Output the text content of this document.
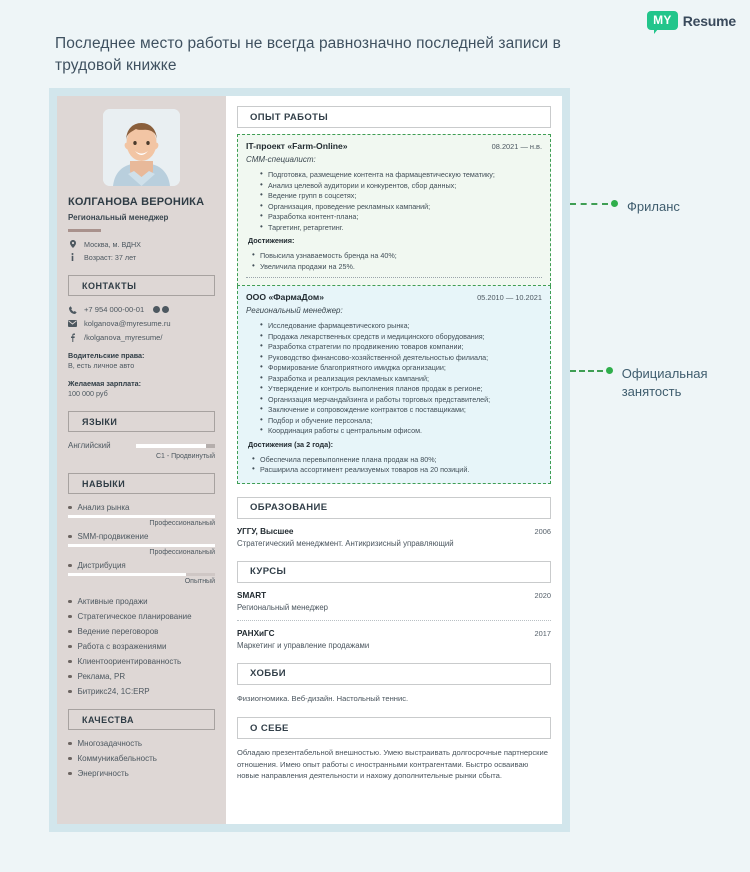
MY Resume
Последнее место работы не всегда равнозначно последней записи в трудовой книжке
КОЛГАНОВА ВЕРОНИКА
Региональный менеджер
Москва, м. ВДНХ
Возраст: 37 лет
КОНТАКТЫ
+7 954 000-00-01
kolganova@myresume.ru
/kolganova_myresume/
Водительские права:
B, есть личное авто
Желаемая зарплата:
100 000 руб
ЯЗЫКИ
Английский
C1 - Продвинутый
НАВЫКИ
Анализ рынка
Профессиональный
SMM-продвижение
Профессиональный
Дистрибуция
Опытный
Активные продажи
Стратегическое планирование
Ведение переговоров
Работа с возражениями
Клиентоориентированность
Реклама, PR
Битрикс24, 1C:ERP
КАЧЕСТВА
Многозадачность
Коммуникабельность
Энергичность
ОПЫТ РАБОТЫ
IT-проект «Farm-Online»	08.2021 — н.в.
СММ-специалист:
• Подготовка, размещение контента на фармацевтическую тематику;
• Анализ целевой аудитории и конкурентов, сбор данных;
• Ведение групп в соцсетях;
• Организация, проведение рекламных кампаний;
• Разработка контент-плана;
• Таргетинг, ретаргетинг.
Достижения:
• Повысила узнаваемость бренда на 40%;
• Увеличила продажи на 25%.
ООО «ФармаДом»	05.2010 — 10.2021
Региональный менеджер:
• Исследование фармацевтического рынка;
• Продажа лекарственных средств и медицинского оборудования;
• Разработка стратегии по продвижению товаров компании;
• Руководство финансово-хозяйственной деятельностью филиала;
• Формирование благоприятного имиджа организации;
• Разработка и реализация рекламных кампаний;
• Утверждение и контроль выполнения планов продаж в регионе;
• Организация мерчандайзинга и работы торговых представителей;
• Заключение и сопровождение контрактов с поставщиками;
• Подбор и обучение персонала;
• Координация работы с центральным офисом.
Достижения (за 2 года):
• Обеспечила перевыполнение плана продаж на 80%;
• Расширила ассортимент реализуемых товаров на 20 позиций.
ОБРАЗОВАНИЕ
УГГУ, Высшее	2006
Стратегический менеджмент. Антикризисный управляющий
КУРСЫ
SMART	2020
Региональный менеджер
РАНХиГС	2017
Маркетинг и управление продажами
ХОББИ
Физиогномика. Веб-дизайн. Настольный теннис.
О СЕБЕ
Обладаю презентабельной внешностью. Умею выстраивать долгосрочные партнерские отношения. Имею опыт работы с иностранными контрагентами. Быстро осваиваю новые направления деятельности и нахожу дополнительные рынки сбыта.
Фриланс
Официальная занятость
